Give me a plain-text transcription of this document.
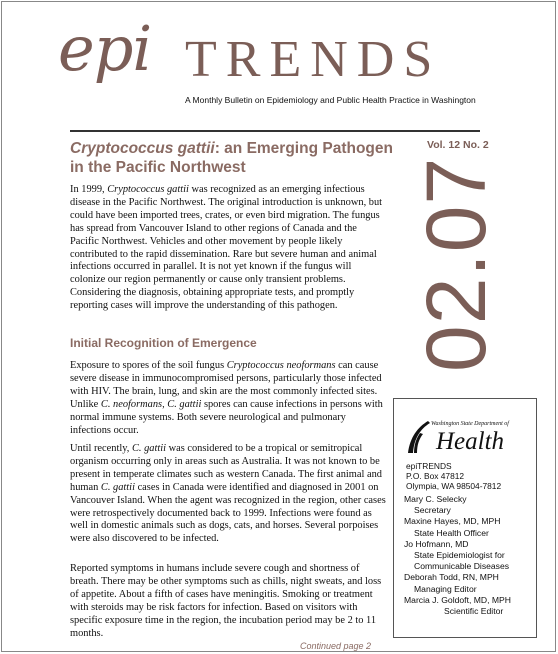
epi TRENDS
A Monthly Bulletin on Epidemiology and Public Health Practice in Washington
Cryptococcus gattii: an Emerging Pathogen in the Pacific Northwest
Vol. 12 No. 2
02.07

In 1999, Cryptococcus gattii was recognized as an emerging infectious disease in the Pacific Northwest. The original introduction is unknown, but could have been imported trees, crates, or even bird migration. The fungus has spread from Vancouver Island to other regions of Canada and the Pacific Northwest. Vehicles and other movement by people likely contributed to the rapid dissemination. Rare but severe human and animal infections occurred in parallel. It is not yet known if the fungus will colonize our region permanently or cause only transient problems. Considering the diagnosis, obtaining appropriate tests, and promptly reporting cases will improve the understanding of this pathogen.

Initial Recognition of Emergence

Exposure to spores of the soil fungus Cryptococcus neoformans can cause severe disease in immunocompromised persons, particularly those infected with HIV. The brain, lung, and skin are the most commonly infected sites. Unlike C. neoformans, C. gattii spores can cause infections in persons with normal immune systems. Both severe neurological and pulmonary infections occur.

Until recently, C. gattii was considered to be a tropical or semitropical organism occurring only in areas such as Australia. It was not known to be present in temperate climates such as western Canada. The first animal and human C. gattii cases in Canada were identified and diagnosed in 2001 on Vancouver Island. When the agent was recognized in the region, other cases were retrospectively documented back to 1999. Infections were found as well in domestic animals such as dogs, cats, and horses. Several porpoises were also discovered to be infected.

Reported symptoms in humans include severe cough and shortness of breath. There may be other symptoms such as chills, night sweats, and loss of appetite. About a fifth of cases have meningitis. Smoking or treatment with steroids may be risk factors for infection. Based on visitors with specific exposure time in the region, the incubation period may be 2 to 11 months.

Continued page 2
Washington State Department of
Health
epiTRENDS
P.O. Box 47812
Olympia, WA 98504-7812
Mary C. Selecky
Secretary
Maxine Hayes, MD, MPH
State Health Officer
Jo Hofmann, MD
State Epidemiologist for
Communicable Diseases
Deborah Todd, RN, MPH
Managing Editor
Marcia J. Goldoft, MD, MPH
Scientific Editor
